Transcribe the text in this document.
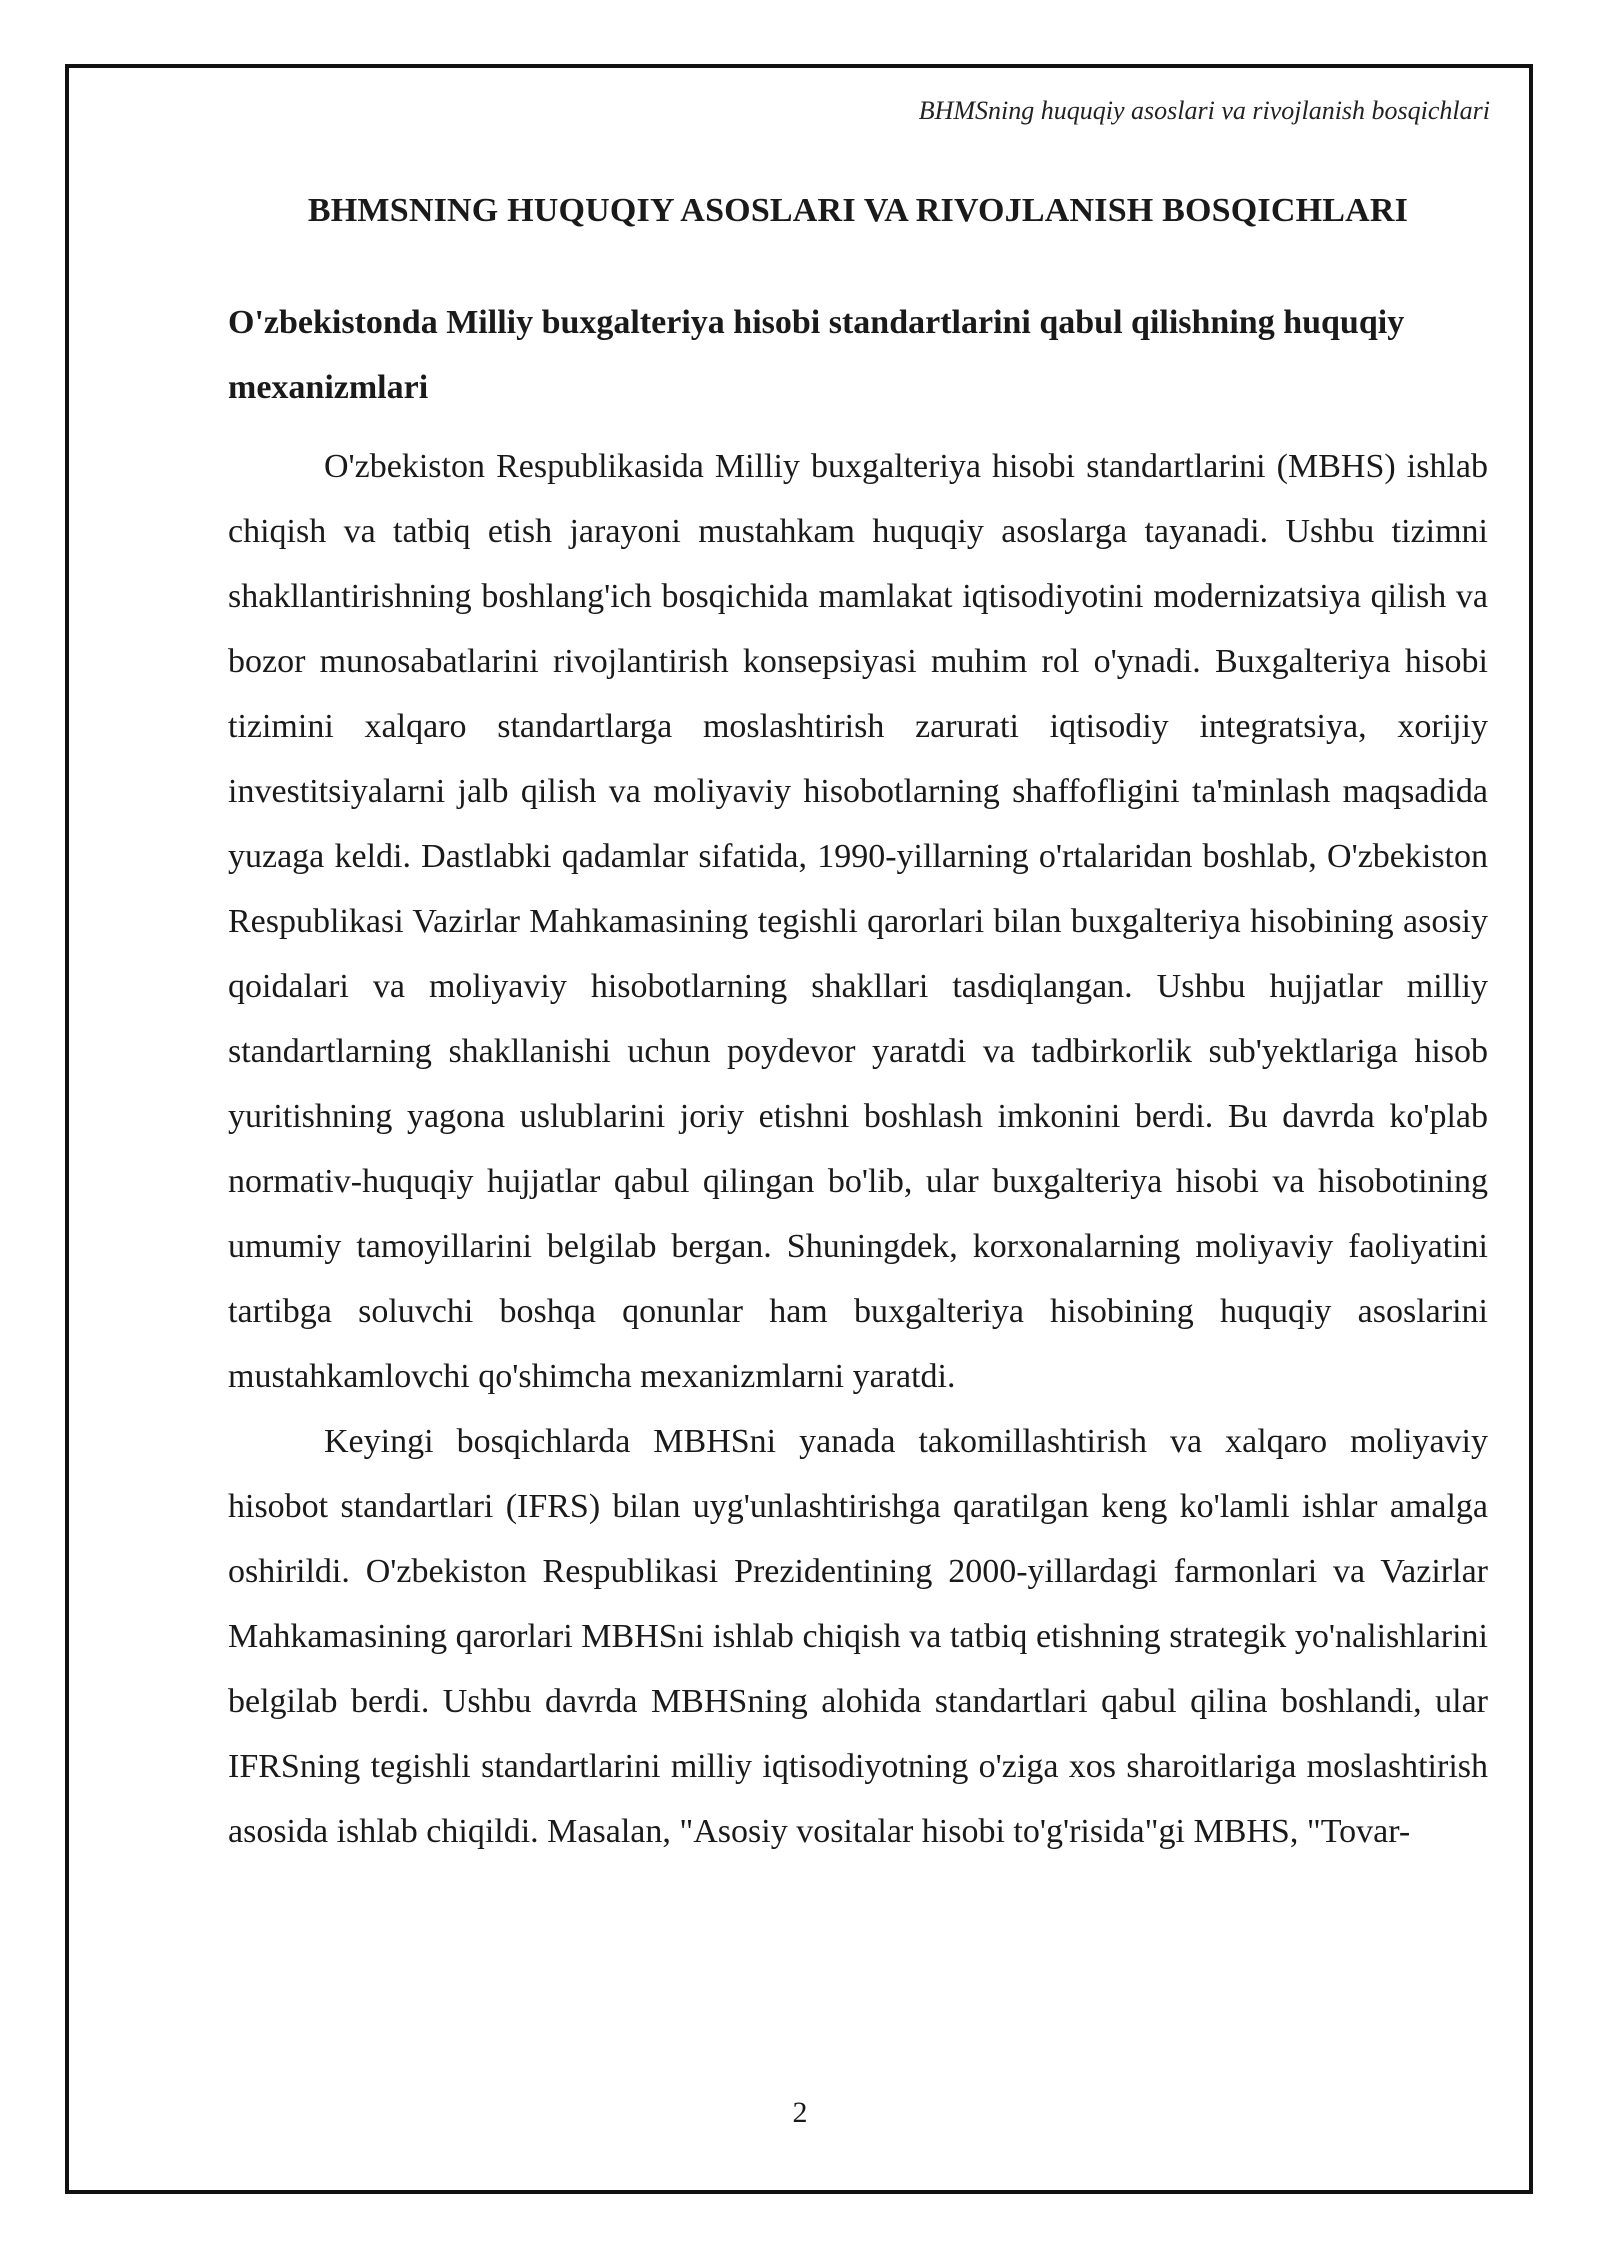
BHMSning huquqiy asoslari va rivojlanish bosqichlari
BHMSNING HUQUQIY ASOSLARI VA RIVOJLANISH BOSQICHLARI
O'zbekistonda Milliy buxgalteriya hisobi standartlarini qabul qilishning huquqiy mexanizmlari

O'zbekiston Respublikasida Milliy buxgalteriya hisobi standartlarini (MBHS) ishlab chiqish va tatbiq etish jarayoni mustahkam huquqiy asoslarga tayanadi. Ushbu tizimni shakllantirishning boshlang'ich bosqichida mamlakat iqtisodiyotini modernizatsiya qilish va bozor munosabatlarini rivojlantirish konsepsiyasi muhim rol o'ynadi. Buxgalteriya hisobi tizimini xalqaro standartlarga moslashtirish zarurati iqtisodiy integratsiya, xorijiy investitsiyalarni jalb qilish va moliyaviy hisobotlarning shaffofligini ta'minlash maqsadida yuzaga keldi. Dastlabki qadamlar sifatida, 1990-yillarning o'rtalaridan boshlab, O'zbekiston Respublikasi Vazirlar Mahkamasining tegishli qarorlari bilan buxgalteriya hisobining asosiy qoidalari va moliyaviy hisobotlarning shakllari tasdiqlangan. Ushbu hujjatlar milliy standartlarning shakllanishi uchun poydevor yaratdi va tadbirkorlik sub'yektlariga hisob yuritishning yagona uslublarini joriy etishni boshlash imkonini berdi. Bu davrda ko'plab normativ-huquqiy hujjatlar qabul qilingan bo'lib, ular buxgalteriya hisobi va hisobotining umumiy tamoyillarini belgilab bergan. Shuningdek, korxonalarning moliyaviy faoliyatini tartibga soluvchi boshqa qonunlar ham buxgalteriya hisobining huquqiy asoslarini mustahkamlovchi qo'shimcha mexanizmlarni yaratdi.

Keyingi bosqichlarda MBHSni yanada takomillashtirish va xalqaro moliyaviy hisobot standartlari (IFRS) bilan uyg'unlashtirishga qaratilgan keng ko'lamli ishlar amalga oshirildi. O'zbekiston Respublikasi Prezidentining 2000-yillardagi farmonlari va Vazirlar Mahkamasining qarorlari MBHSni ishlab chiqish va tatbiq etishning strategik yo'nalishlarini belgilab berdi. Ushbu davrda MBHSning alohida standartlari qabul qilina boshlandi, ular IFRSning tegishli standartlarini milliy iqtisodiyotning o'ziga xos sharoitlariga moslashtirish asosida ishlab chiqildi. Masalan, "Asosiy vositalar hisobi to'g'risida"gi MBHS, "Tovar-

2
